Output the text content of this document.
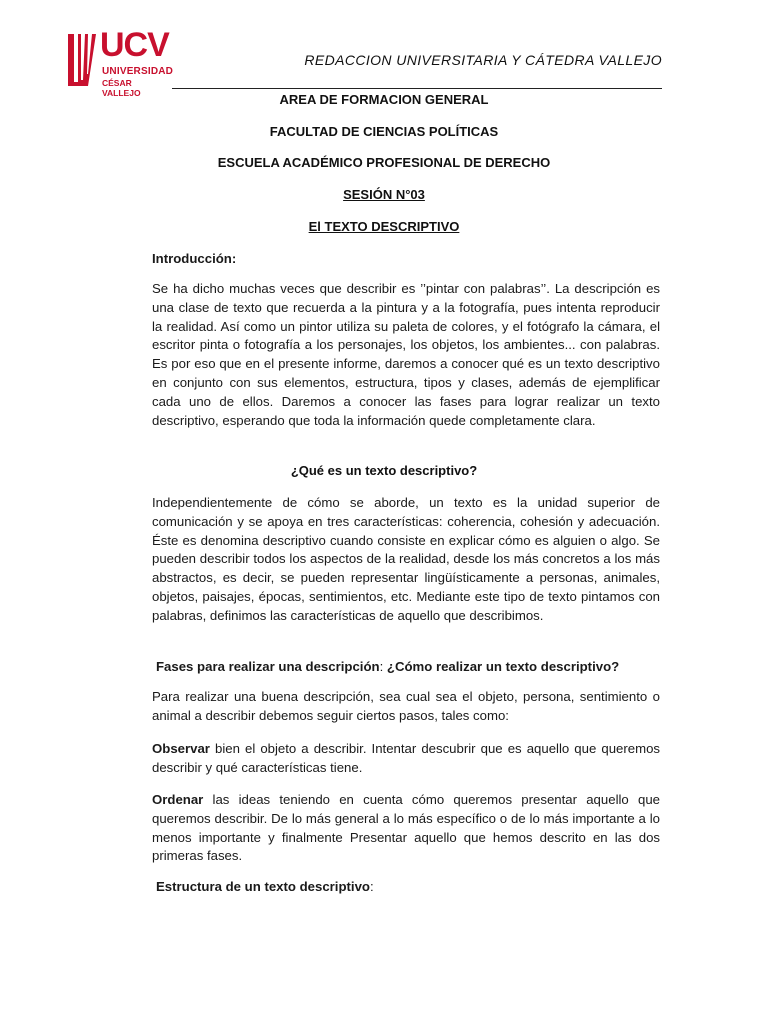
UCV
UNIVERSIDAD
CÉSAR VALLEJO
REDACCION UNIVERSITARIA Y CÁTEDRA VALLEJO
AREA DE FORMACION GENERAL
FACULTAD DE CIENCIAS POLÍTICAS
ESCUELA ACADÉMICO PROFESIONAL DE DERECHO
SESIÓN N°03
El TEXTO DESCRIPTIVO
Introducción:
Se ha dicho muchas veces que describir es ’’pintar con palabras’’. La descripción es una clase de texto que recuerda a la pintura y a la fotografía, pues intenta reproducir la realidad. Así como un pintor utiliza su paleta de colores, y el fotógrafo la cámara, el escritor pinta o fotografía a los personajes, los objetos, los ambientes... con palabras. Es por eso que en el presente informe, daremos a conocer qué es un texto descriptivo en conjunto con sus elementos, estructura, tipos y clases, además de ejemplificar cada uno de ellos. Daremos a conocer las fases para lograr realizar un texto descriptivo, esperando que toda la información quede completamente clara.
¿Qué es un texto descriptivo?
Independientemente de cómo se aborde, un texto es la unidad superior de comunicación y se apoya en tres características: coherencia, cohesión y adecuación. Éste es denomina descriptivo cuando consiste en explicar cómo es alguien o algo. Se pueden describir todos los aspectos de la realidad, desde los más concretos a los más abstractos, es decir, se pueden representar lingüísticamente a personas, animales, objetos, paisajes, épocas, sentimientos, etc. Mediante este tipo de texto pintamos con palabras, definimos las características de aquello que describimos.
Fases para realizar una descripción: ¿Cómo realizar un texto descriptivo?
Para realizar una buena descripción, sea cual sea el objeto, persona, sentimiento o animal a describir debemos seguir ciertos pasos, tales como:
Observar bien el objeto a describir. Intentar descubrir que es aquello que queremos describir y qué características tiene.
Ordenar las ideas teniendo en cuenta cómo queremos presentar aquello que queremos describir. De lo más general a lo más específico o de lo más importante a lo menos importante y finalmente Presentar aquello que hemos descrito en las dos primeras fases.
Estructura de un texto descriptivo:
